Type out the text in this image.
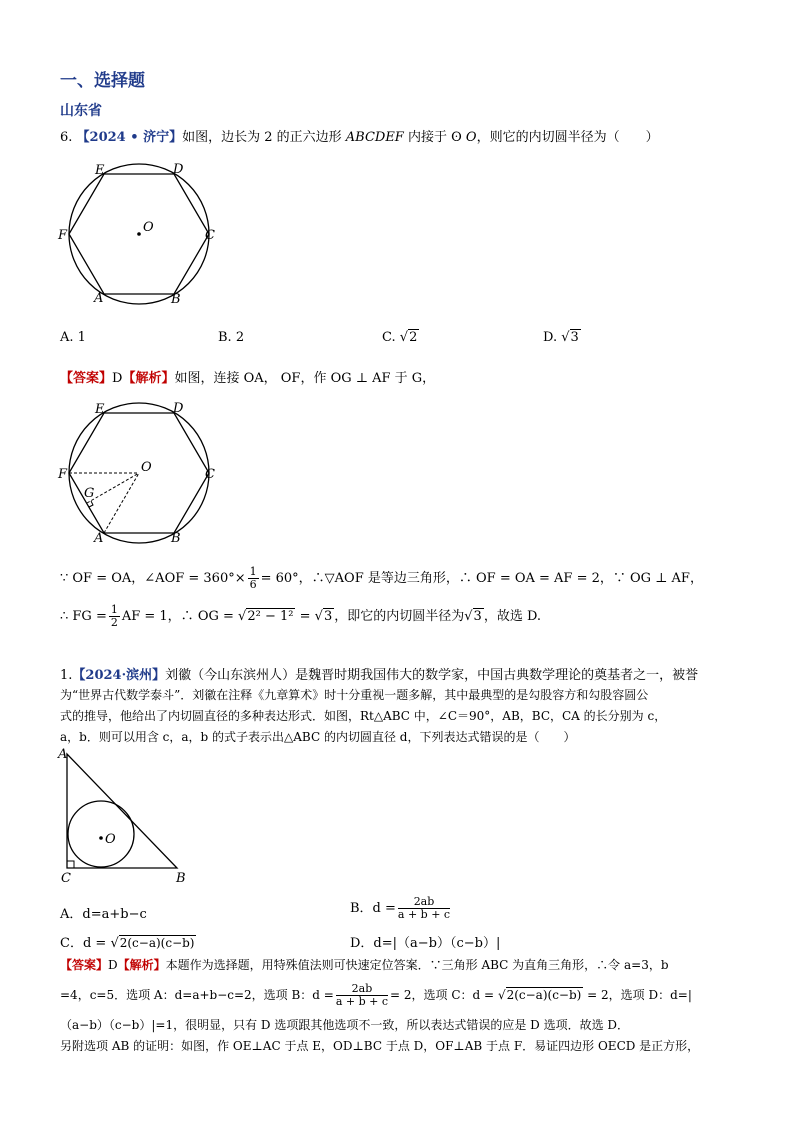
一、选择题
山东省
6. 【2024 • 济宁】如图，边长为 2 的正六边形 ABCDEF 内接于 ʘ O，则它的内切圆半径为（　　）
E	D
F	C
A	B
O
A. 1	B. 2	C. √2	D. √3
【答案】D【解析】如图，连接 OA， OF，作 OG ⊥ AF 于 G，
E	D
F	C
A	B
O
G
∵ OF = OA，∠AOF = $360^\circ\times \frac{1}{6} = 60^\circ$，∴▽AOF 是等边三角形，∴ OF = OA = AF = 2，∵ OG ⊥ AF，
∴ FG = $\frac{1}{2}$ AF = 1，∴ OG = √2² − 1² = √3 ，即它的内切圆半径为√3 ，故选 D.
1.【2024·滨州】刘徽（今山东滨州人）是魏晋时期我国伟大的数学家，中国古典数学理论的奠基者之一，被誉
为“世界古代数学泰斗”．刘徽在注释《九章算术》时十分重视一题多解，其中最典型的是勾股容方和勾股容圆公
式的推导，他给出了内切圆直径的多种表达形式．如图，Rt△ABC 中，∠C＝90°，AB，BC，CA 的长分别为 c，
a，b．则可以用含 c，a，b 的式子表示出△ABC 的内切圆直径 d，下列表达式错误的是（　　）
A
C	B
O
A．d=a+b−c	B．$d = \frac{2ab}{a + b + c}$
C．d = √2(c−a)(c−b)	D．d=|（a−b）（c−b）|
【答案】D【解析】本题作为选择题，用特殊值法则可快速定位答案．∵三角形 ABC 为直角三角形，∴令 a=3，b
=4，c=5．选项 A：d=a+b−c=2，选项 B：$d = \frac{2ab}{a + b + c} = 2$，选项 C：d = √2(c−a)(c−b) = 2，选项 D：d=|
（a−b）（c−b）|=1，很明显，只有 D 选项跟其他选项不一致，所以表达式错误的应是 D 选项．故选 D．
另附选项 AB 的证明：如图，作 OE⊥AC 于点 E，OD⊥BC 于点 D，OF⊥AB 于点 F．易证四边形 OECD 是正方形，
